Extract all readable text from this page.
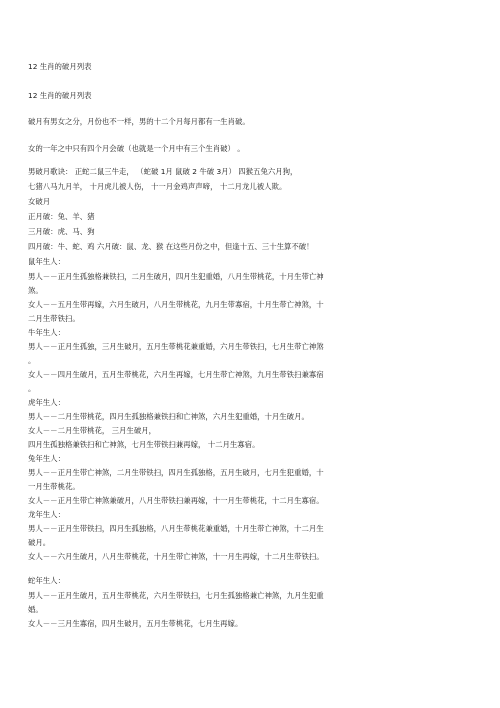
12 生肖的破月列表
12 生肖的破月列表
破月有男女之分，月份也不一样，男的十二个月每月都有一生肖破。
女的一年之中只有四个月会破（也就是一个月中有三个生肖破） 。
男破月歌诀： 正蛇二鼠三牛走， （蛇破 1月 鼠破 2 牛破 3月） 四猴五兔六月狗，
七猪八马九月羊， 十月虎儿被人伤， 十一月金鸡声声啼， 十二月龙儿被人欺。
女破月
正月破：兔、羊、猪
三月破：虎、马、狗
四月破：牛、蛇、鸡 六月破：鼠、龙、猴 在这些月份之中，但逢十五、三十生算不破！
鼠年生人：
男人－－正月生孤独格兼铁扫，二月生破月，四月生犯重婚，八月生带桃花，十月生带亡神
煞。
女人－－五月生带再嫁，六月生破月，八月生带桃花，九月生带寡宿，十月生带亡神煞，十
二月生带铁扫。
牛年生人：
男人－－正月生孤独，三月生破月，五月生带桃花兼重婚，六月生带铁扫，七月生带亡神煞
。
女人－－四月生破月，五月生带桃花，六月生再嫁，七月生带亡神煞，九月生带铁扫兼寡宿
。
虎年生人：
男人－－二月生带桃花，四月生孤独格兼铁扫和亡神煞，六月生犯重婚，十月生破月。
女人－－二月生带桃花， 三月生破月，
四月生孤独格兼铁扫和亡神煞，七月生带铁扫兼再嫁， 十二月生寡宿。
兔年生人：
男人－－正月生带亡神煞，二月生带铁扫，四月生孤独格，五月生破月，七月生犯重婚，十
一月生带桃花。
女人－－正月生带亡神煞兼破月，八月生带铁扫兼再嫁，十一月生带桃花，十二月生寡宿。
龙年生人：
男人－－正月生带铁扫，四月生孤独格，八月生带桃花兼重婚，十月生带亡神煞，十二月生
破月。
女人－－六月生破月，八月生带桃花，十月生带亡神煞，十一月生再嫁，十二月生带铁扫。
蛇年生人：
男人－－正月生破月，五月生带桃花，六月生带铁扫，七月生孤独格兼亡神煞，九月生犯重
婚。
女人－－三月生寡宿，四月生破月，五月生带桃花，七月生再嫁。
